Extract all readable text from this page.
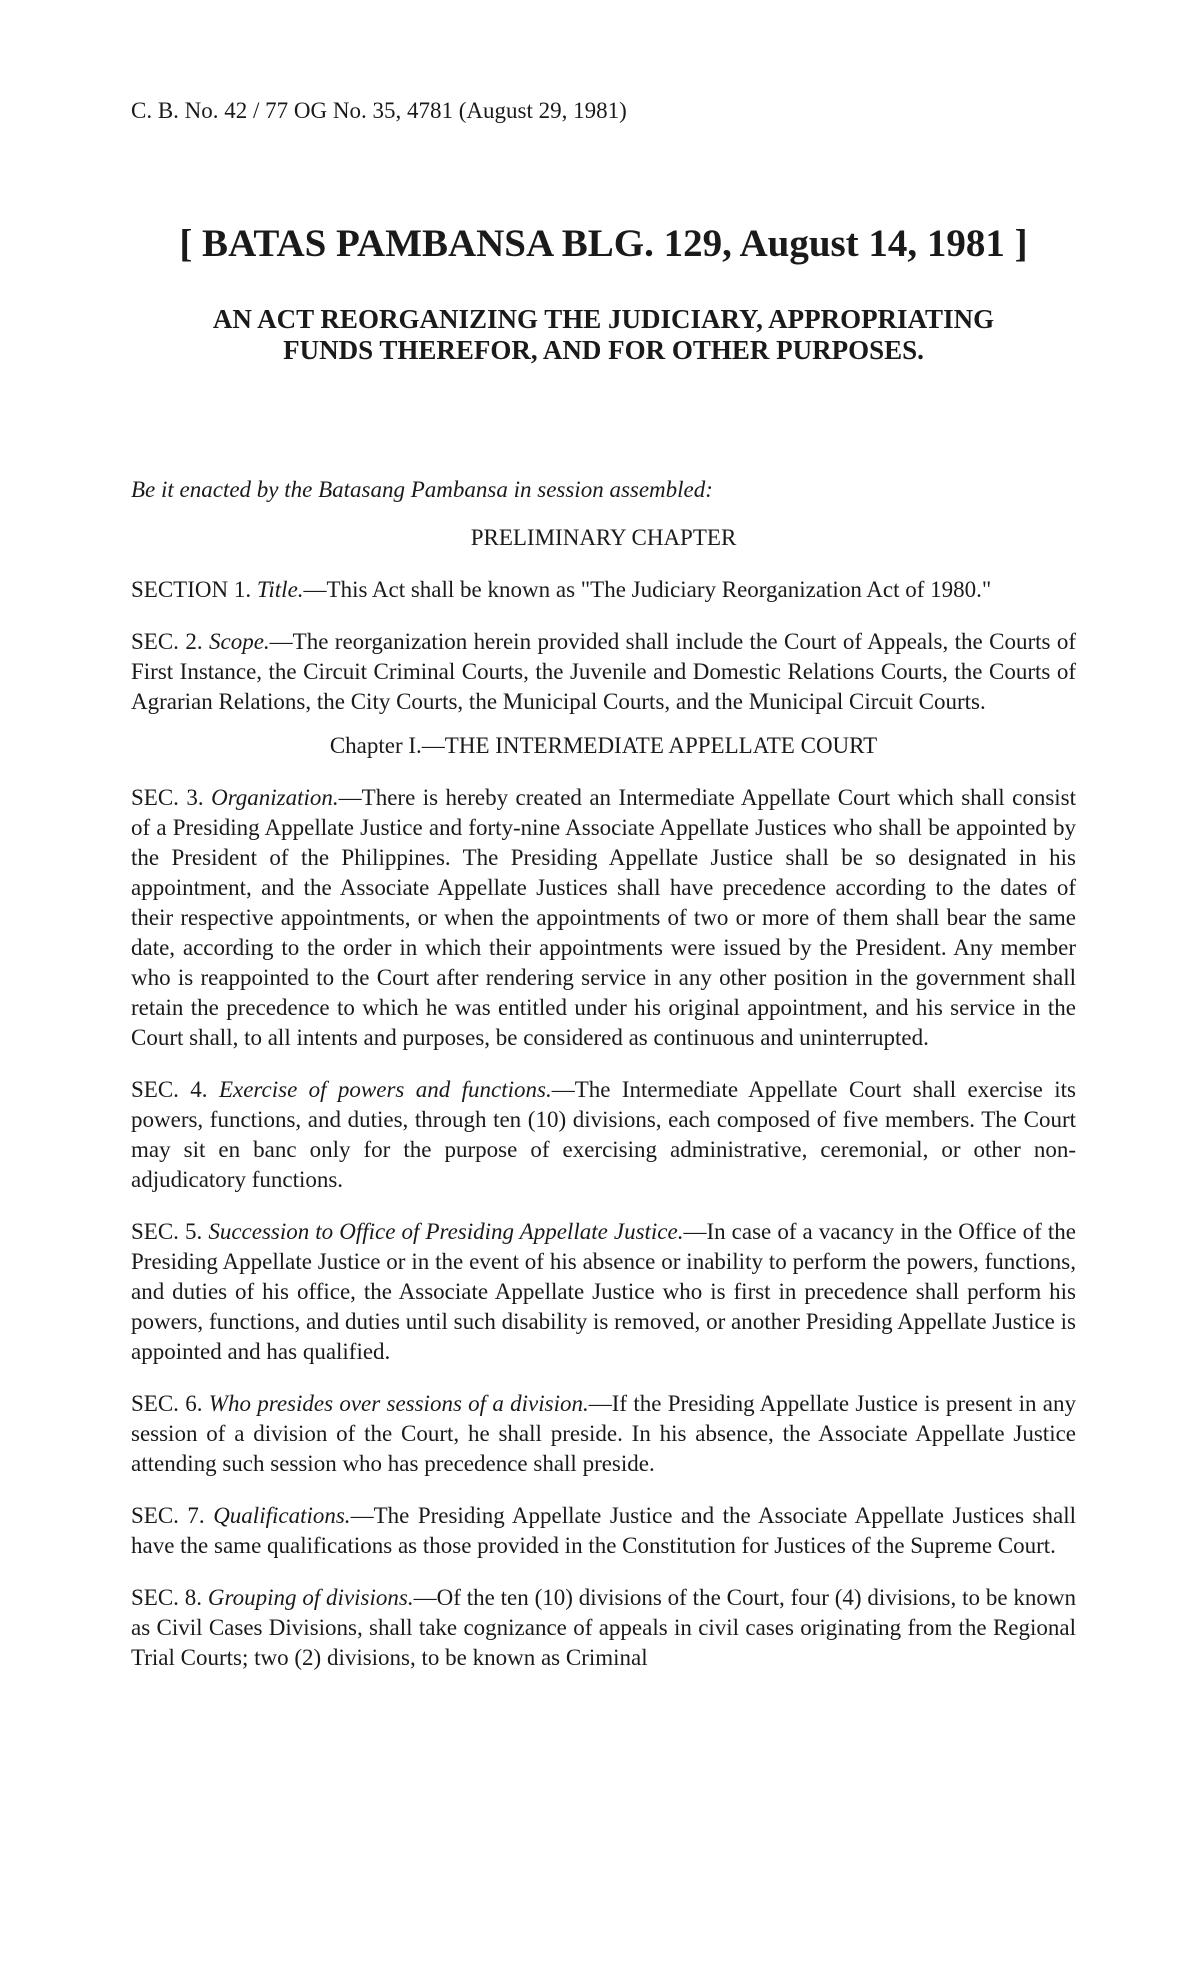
C. B. No. 42 / 77 OG No. 35, 4781 (August 29, 1981)

[ BATAS PAMBANSA BLG. 129, August 14, 1981 ]
AN ACT REORGANIZING THE JUDICIARY, APPROPRIATING
FUNDS THEREFOR, AND FOR OTHER PURPOSES.

Be it enacted by the Batasang Pambansa in session assembled:

PRELIMINARY CHAPTER

SECTION 1. Title.—This Act shall be known as "The Judiciary Reorganization Act of 1980."

SEC. 2. Scope.—The reorganization herein provided shall include the Court of Appeals, the Courts of First Instance, the Circuit Criminal Courts, the Juvenile and Domestic Relations Courts, the Courts of Agrarian Relations, the City Courts, the Municipal Courts, and the Municipal Circuit Courts.

Chapter I.—THE INTERMEDIATE APPELLATE COURT

SEC. 3. Organization.—There is hereby created an Intermediate Appellate Court which shall consist of a Presiding Appellate Justice and forty-nine Associate Appellate Justices who shall be appointed by the President of the Philippines. The Presiding Appellate Justice shall be so designated in his appointment, and the Associate Appellate Justices shall have precedence according to the dates of their respective appointments, or when the appointments of two or more of them shall bear the same date, according to the order in which their appointments were issued by the President. Any member who is reappointed to the Court after rendering service in any other position in the government shall retain the precedence to which he was entitled under his original appointment, and his service in the Court shall, to all intents and purposes, be considered as continuous and uninterrupted.

SEC. 4. Exercise of powers and functions.—The Intermediate Appellate Court shall exercise its powers, functions, and duties, through ten (10) divisions, each composed of five members. The Court may sit en banc only for the purpose of exercising administrative, ceremonial, or other non-adjudicatory functions.

SEC. 5. Succession to Office of Presiding Appellate Justice.—In case of a vacancy in the Office of the Presiding Appellate Justice or in the event of his absence or inability to perform the powers, functions, and duties of his office, the Associate Appellate Justice who is first in precedence shall perform his powers, functions, and duties until such disability is removed, or another Presiding Appellate Justice is appointed and has qualified.

SEC. 6. Who presides over sessions of a division.—If the Presiding Appellate Justice is present in any session of a division of the Court, he shall preside. In his absence, the Associate Appellate Justice attending such session who has precedence shall preside.

SEC. 7. Qualifications.—The Presiding Appellate Justice and the Associate Appellate Justices shall have the same qualifications as those provided in the Constitution for Justices of the Supreme Court.

SEC. 8. Grouping of divisions.—Of the ten (10) divisions of the Court, four (4) divisions, to be known as Civil Cases Divisions, shall take cognizance of appeals in civil cases originating from the Regional Trial Courts; two (2) divisions, to be known as Criminal
